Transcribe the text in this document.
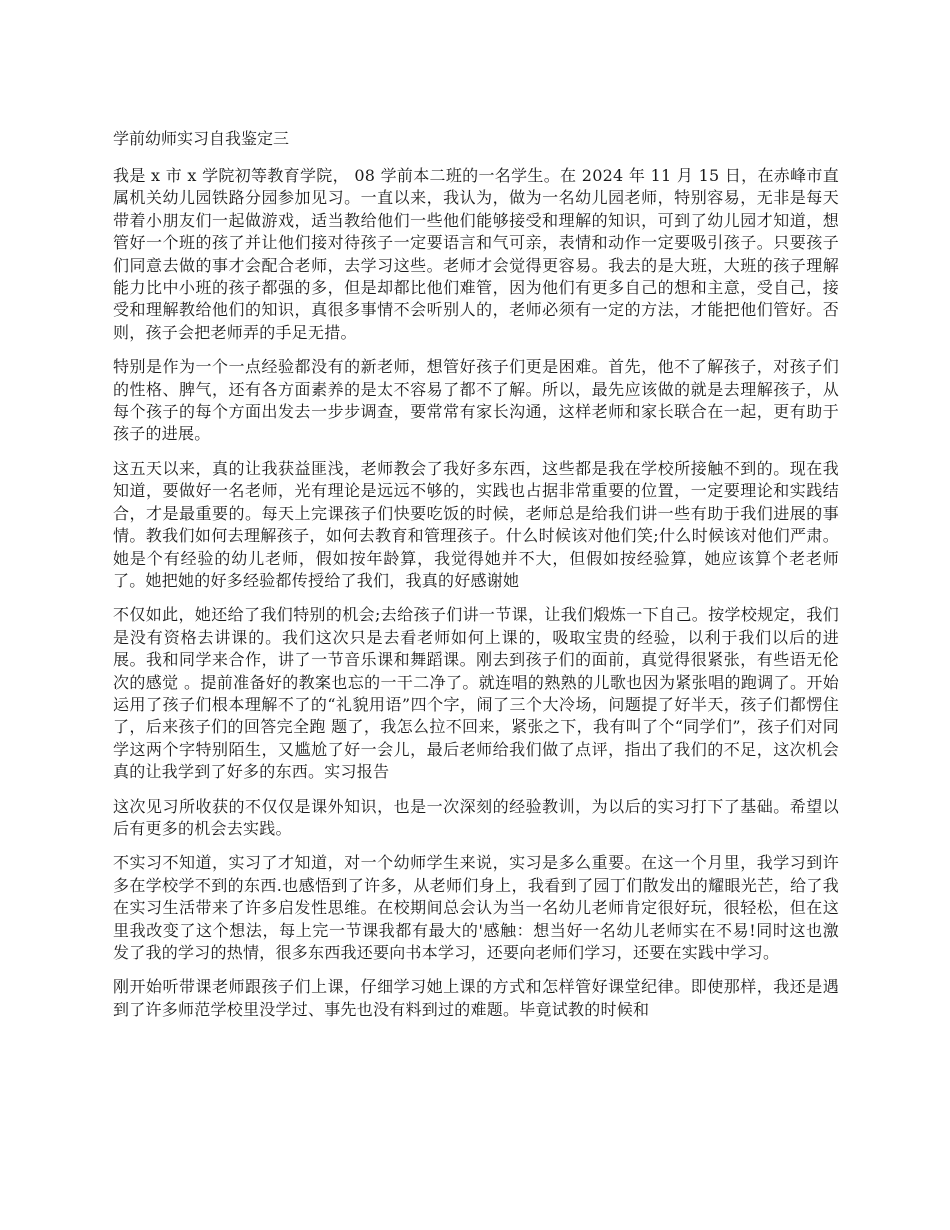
学前幼师实习自我鉴定三

我是 x 市 x 学院初等教育学院， 08 学前本二班的一名学生。在 2024 年 11 月 15 日，在赤峰市直属机关幼儿园铁路分园参加见习。一直以来，我认为，做为一名幼儿园老师，特别容易，无非是每天带着小朋友们一起做游戏，适当教给他们一些他们能够接受和理解的知识，可到了幼儿园才知道，想管好一个班的孩了并让他们接对待孩子一定要语言和气可亲，表情和动作一定要吸引孩子。只要孩子们同意去做的事才会配合老师，去学习这些。老师才会觉得更容易。我去的是大班，大班的孩子理解能力比中小班的孩子都强的多，但是却都比他们难管，因为他们有更多自己的想和主意，受自己，接受和理解教给他们的知识，真很多事情不会听别人的，老师必须有一定的方法，才能把他们管好。否则，孩子会把老师弄的手足无措。

特别是作为一个一点经验都没有的新老师，想管好孩子们更是困难。首先，他不了解孩子，对孩子们的性格、脾气，还有各方面素养的是太不容易了都不了解。所以，最先应该做的就是去理解孩子，从每个孩子的每个方面出发去一步步调查，要常常有家长沟通，这样老师和家长联合在一起，更有助于孩子的进展。

这五天以来，真的让我获益匪浅，老师教会了我好多东西，这些都是我在学校所接触不到的。现在我知道，要做好一名老师，光有理论是远远不够的，实践也占据非常重要的位置，一定要理论和实践结合，才是最重要的。每天上完课孩子们快要吃饭的时候，老师总是给我们讲一些有助于我们进展的事情。教我们如何去理解孩子，如何去教育和管理孩子。什么时候该对他们笑;什么时候该对他们严肃。她是个有经验的幼儿老师，假如按年龄算，我觉得她并不大，但假如按经验算，她应该算个老老师了。她把她的好多经验都传授给了我们，我真的好感谢她

不仅如此，她还给了我们特别的机会;去给孩子们讲一节课，让我们煅炼一下自己。按学校规定，我们是没有资格去讲课的。我们这次只是去看老师如何上课的，吸取宝贵的经验，以利于我们以后的进展。我和同学来合作，讲了一节音乐课和舞蹈课。刚去到孩子们的面前，真觉得很紧张，有些语无伦次的感觉 。提前准备好的教案也忘的一干二净了。就连唱的熟熟的儿歌也因为紧张唱的跑调了。开始运用了孩子们根本理解不了的“礼貌用语”四个字，闹了三个大冷场，问题提了好半天，孩子们都愣住了，后来孩子们的回答完全跑 题了，我怎么拉不回来，紧张之下，我有叫了个“同学们”，孩子们对同学这两个字特别陌生，又尴尬了好一会儿，最后老师给我们做了点评，指出了我们的不足，这次机会真的让我学到了好多的东西。实习报告

这次见习所收获的不仅仅是课外知识，也是一次深刻的经验教训，为以后的实习打下了基础。希望以后有更多的机会去实践。

不实习不知道，实习了才知道，对一个幼师学生来说，实习是多么重要。在这一个月里，我学习到许多在学校学不到的东西.也感悟到了许多，从老师们身上，我看到了园丁们散发出的耀眼光芒，给了我在实习生活带来了许多启发性思维。在校期间总会认为当一名幼儿老师肯定很好玩，很轻松，但在这里我改变了这个想法，每上完一节课我都有最大的'感触：想当好一名幼儿老师实在不易!同时这也激发了我的学习的热情，很多东西我还要向书本学习，还要向老师们学习，还要在实践中学习。

刚开始听带课老师跟孩子们上课，仔细学习她上课的方式和怎样管好课堂纪律。即使那样，我还是遇到了许多师范学校里没学过、事先也没有料到过的难题。毕竟试教的时候和
